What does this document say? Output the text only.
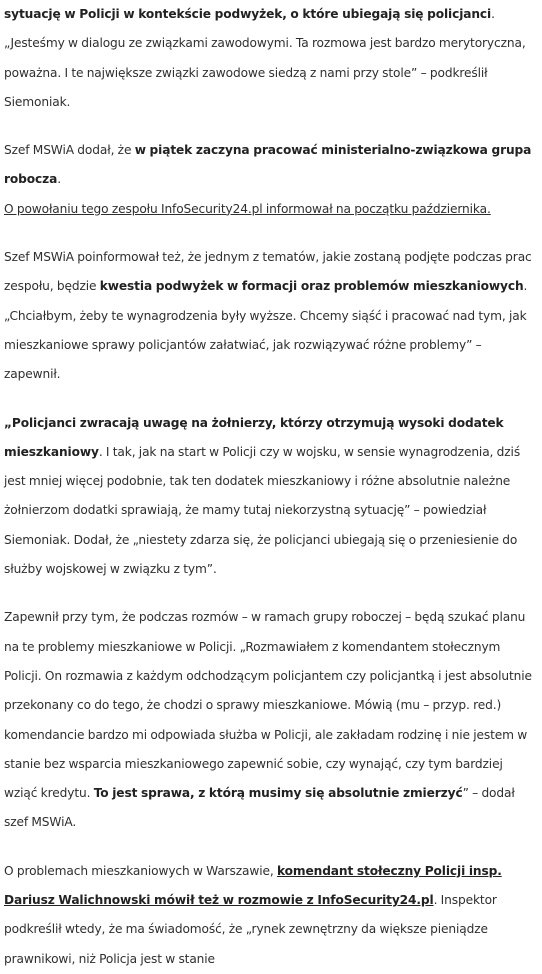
sytuację w Policji w kontekście podwyżek, o które ubiegają się policjanci. „Jesteśmy w dialogu ze związkami zawodowymi. Ta rozmowa jest bardzo merytoryczna, poważna. I te największe związki zawodowe siedzą z nami przy stole” – podkreślił Siemoniak.

Szef MSWiA dodał, że w piątek zaczyna pracować ministerialno-związkowa grupa robocza.
O powołaniu tego zespołu InfoSecurity24.pl informował na początku października.

Szef MSWiA poinformował też, że jednym z tematów, jakie zostaną podjęte podczas prac zespołu, będzie kwestia podwyżek w formacji oraz problemów mieszkaniowych. „Chciałbym, żeby te wynagrodzenia były wyższe. Chcemy siąść i pracować nad tym, jak mieszkaniowe sprawy policjantów załatwiać, jak rozwiązywać różne problemy” – zapewnił.

„Policjanci zwracają uwagę na żołnierzy, którzy otrzymują wysoki dodatek mieszkaniowy. I tak, jak na start w Policji czy w wojsku, w sensie wynagrodzenia, dziś jest mniej więcej podobnie, tak ten dodatek mieszkaniowy i różne absolutnie należne żołnierzom dodatki sprawiają, że mamy tutaj niekorzystną sytuację” – powiedział Siemoniak. Dodał, że „niestety zdarza się, że policjanci ubiegają się o przeniesienie do służby wojskowej w związku z tym”.

Zapewnił przy tym, że podczas rozmów – w ramach grupy roboczej – będą szukać planu na te problemy mieszkaniowe w Policji. „Rozmawiałem z komendantem stołecznym Policji. On rozmawia z każdym odchodzącym policjantem czy policjantką i jest absolutnie przekonany co do tego, że chodzi o sprawy mieszkaniowe. Mówią (mu – przyp. red.) komendancie bardzo mi odpowiada służba w Policji, ale zakładam rodzinę i nie jestem w stanie bez wsparcia mieszkaniowego zapewnić sobie, czy wynająć, czy tym bardziej wziąć kredytu. To jest sprawa, z którą musimy się absolutnie zmierzyć” – dodał szef MSWiA.

O problemach mieszkaniowych w Warszawie, komendant stołeczny Policji insp. Dariusz Walichnowski mówił też w rozmowie z InfoSecurity24.pl. Inspektor podkreślił wtedy, że ma świadomość, że „rynek zewnętrzny da większe pieniądze prawnikowi, niż Policja jest w stanie
